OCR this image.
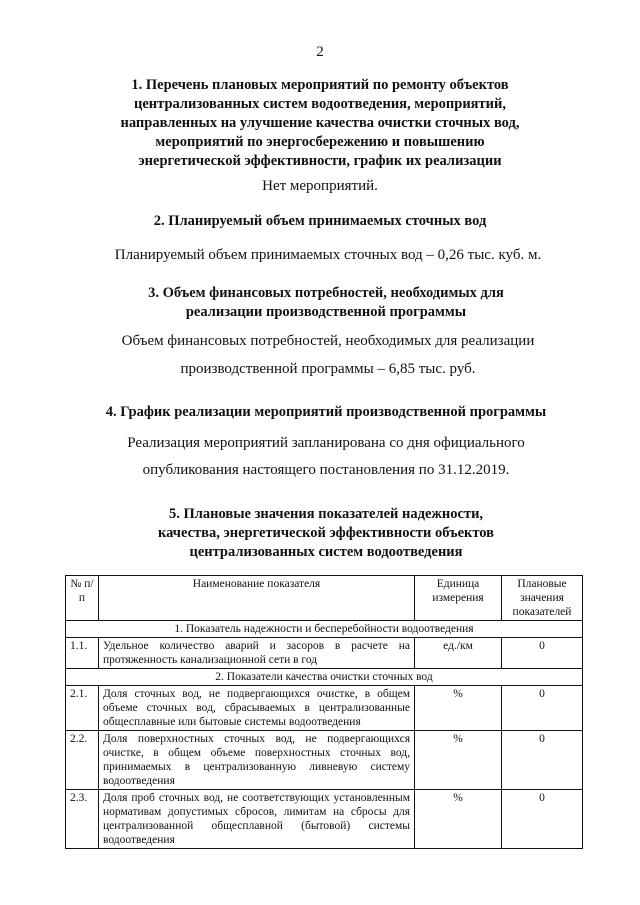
2
1. Перечень плановых мероприятий по ремонту объектов
централизованных систем водоотведения, мероприятий,
направленных на улучшение качества очистки сточных вод,
мероприятий по энергосбережению и повышению
энергетической эффективности, график их реализации
Нет мероприятий.
2. Планируемый объем принимаемых сточных вод
Планируемый объем принимаемых сточных вод – 0,26 тыс. куб. м.
3. Объем финансовых потребностей, необходимых для
реализации производственной программы
Объем финансовых потребностей, необходимых для реализации
производственной программы – 6,85 тыс. руб.
4. График реализации мероприятий производственной программы
Реализация мероприятий запланирована со дня официального
опубликования настоящего постановления по 31.12.2019.
5. Плановые значения показателей надежности,
качества, энергетической эффективности объектов
централизованных систем водоотведения
№ п/п	Наименование показателя	Единица измерения	Плановые значения показателей
1. Показатель надежности и бесперебойности водоотведения			
1.1.	Удельное количество аварий и засоров в расчете на протяженность канализационной сети в год	ед./км	0
2. Показатели качества очистки сточных вод			
2.1.	Доля сточных вод, не подвергающихся очистке, в общем объеме сточных вод, сбрасываемых в централизованные общесплавные или бытовые системы водоотведения	%	0
2.2.	Доля поверхностных сточных вод, не подвергающихся очистке, в общем объеме поверхностных сточных вод, принимаемых в централизованную ливневую систему водоотведения	%	0
2.3.	Доля проб сточных вод, не соответствующих установленным нормативам допустимых сбросов, лимитам на сбросы для централизованной общесплавной (бытовой) системы водоотведения	%	0
